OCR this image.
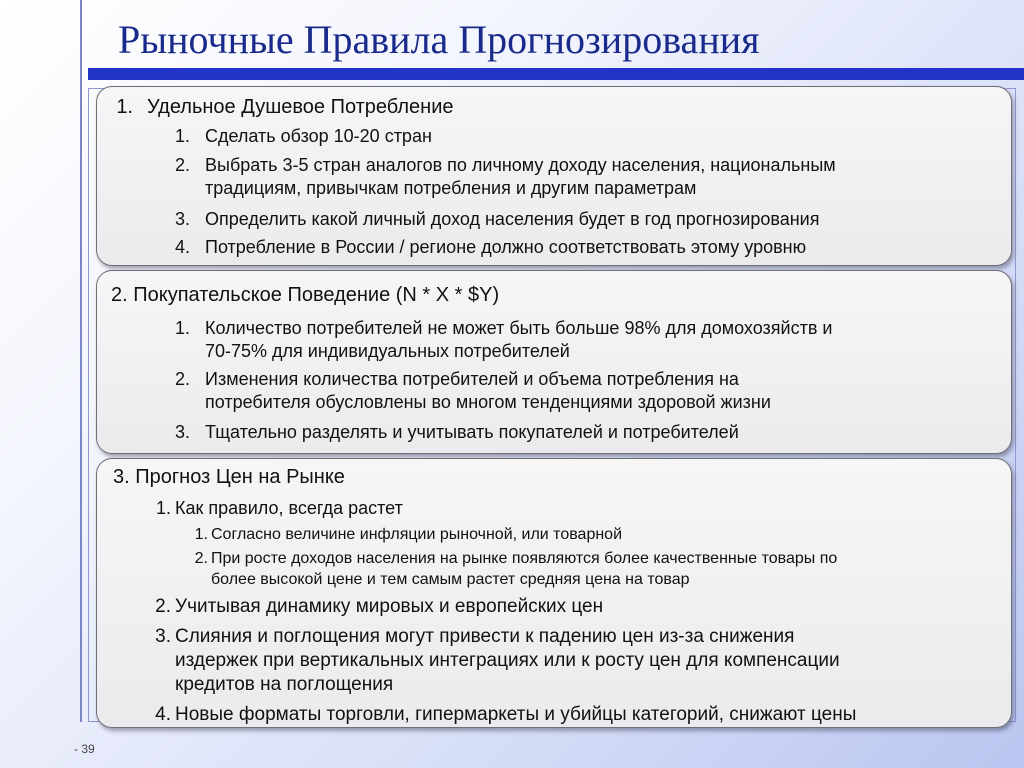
Рыночные Правила Прогнозирования
1. Удельное Душевое Потребление
1. Сделать обзор 10-20 стран
2. Выбрать 3-5 стран аналогов по личному доходу населения, национальным
традициям, привычкам потребления и другим параметрам
3. Определить какой личный доход населения будет в год прогнозирования
4. Потребление в России / регионе должно соответствовать этому уровню
2. Покупательское Поведение (N * X * $Y)
1. Количество потребителей не может быть больше 98% для домохозяйств и
70-75% для индивидуальных потребителей
2. Изменения количества потребителей и объема потребления на
потребителя обусловлены во многом тенденциями здоровой жизни
3. Тщательно разделять и учитывать покупателей и потребителей
3. Прогноз Цен на Рынке
1. Как правило, всегда растет
1. Согласно величине инфляции рыночной, или товарной
2. При росте доходов населения на рынке появляются более качественные товары по
более высокой цене и тем самым растет средняя цена на товар
2. Учитывая динамику мировых и европейских цен
3. Слияния и поглощения могут привести к падению цен из-за снижения
издержек при вертикальных интеграциях или к росту цен для компенсации
кредитов на поглощения
4. Новые форматы торговли, гипермаркеты и убийцы категорий, снижают цены
- 39
